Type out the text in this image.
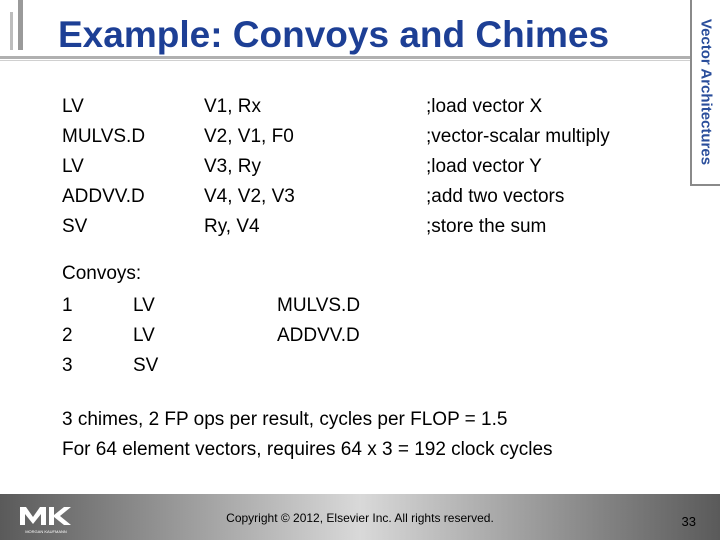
Example: Convoys and Chimes	Vector Architectures
LV	V1, Rx	;load vector X
MULVS.D	V2, V1, F0	;vector-scalar multiply
LV	V3, Ry	;load vector Y
ADDVV.D	V4, V2, V3	;add two vectors
SV	Ry, V4	;store the sum
Convoys:
1	LV	MULVS.D
2	LV	ADDVV.D
3	SV
3 chimes, 2 FP ops per result, cycles per FLOP = 1.5
For 64 element vectors, requires 64 x 3 = 192 clock cycles
MORGAN KAUFMANN
Copyright © 2012, Elsevier Inc. All rights reserved.	33
